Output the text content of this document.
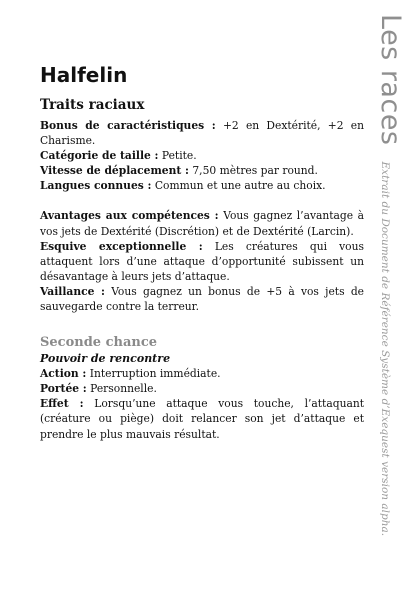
Les races
Extrait du Document de Référence Système d’Exequest version alpha.
Halfelin
Traits raciaux

Bonus de caractéristiques : +2 en Dextérité, +2 en Charisme.

Catégorie de taille : Petite.

Vitesse de déplacement : 7,50 mètres par round.

Langues connues : Commun et une autre au choix.

Avantages aux compétences : Vous gagnez l’avantage à vos jets de Dextérité (Discrétion) et de Dextérité (Larcin).

Esquive exceptionnelle : Les créatures qui vous attaquent lors d’une attaque d’opportunité subissent un désavantage à leurs jets d’attaque.

Vaillance : Vous gagnez un bonus de +5 à vos jets de sauvegarde contre la terreur.

Seconde chance
Pouvoir de rencontre

Action : Interruption immédiate.

Portée : Personnelle.

Effet : Lorsqu’une attaque vous touche, l’attaquant (créature ou piège) doit relancer son jet d’attaque et prendre le plus mauvais résultat.
